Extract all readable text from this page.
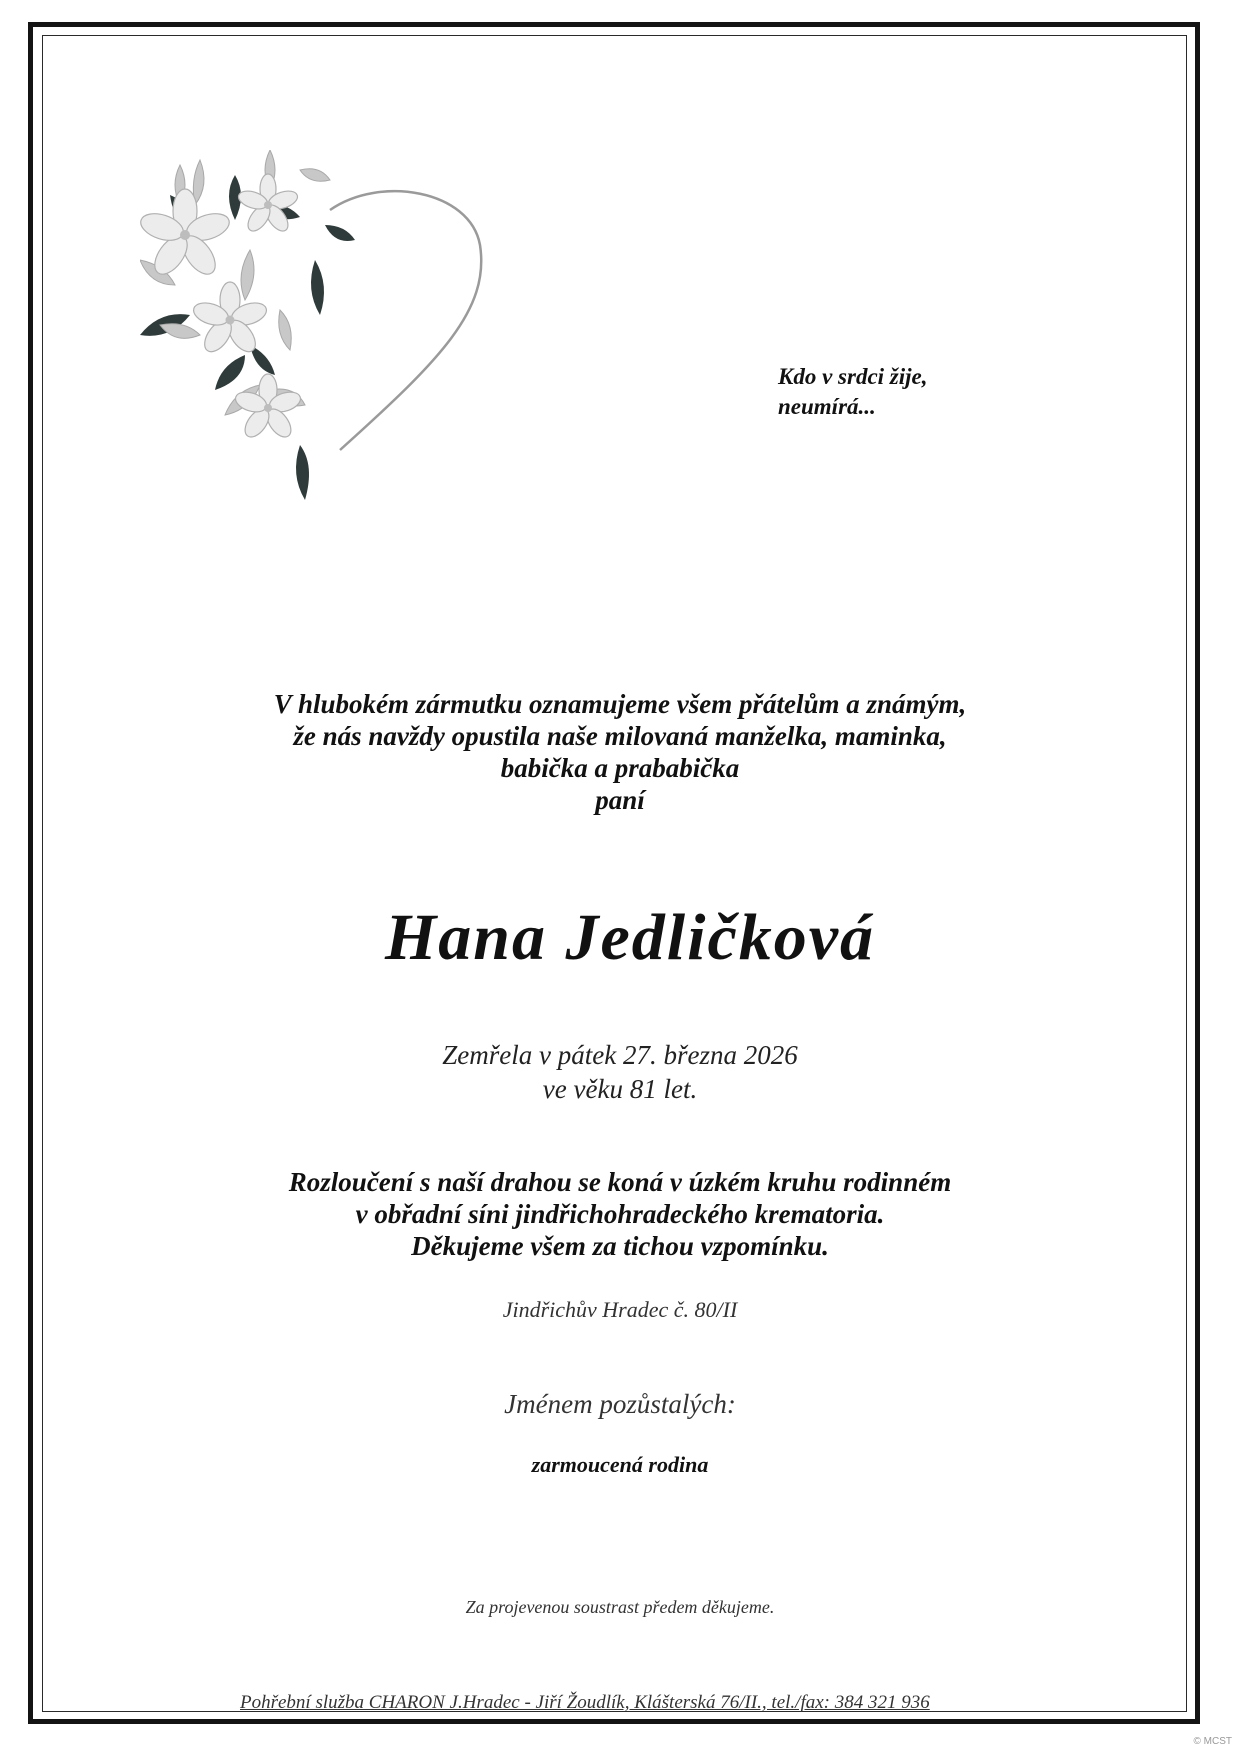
Kdo v srdci žije,
neumírá...
V hlubokém zármutku oznamujeme všem přátelům a známým,
že nás navždy opustila naše milovaná manželka, maminka,
babička a prababička
paní
Hana Jedličková
Zemřela v pátek 27. března 2026
ve věku 81 let.
Rozloučení s naší drahou se koná v úzkém kruhu rodinném
v obřadní síni jindřichohradeckého krematoria.
Děkujeme všem za tichou vzpomínku.
Jindřichův Hradec č. 80/II
Jménem pozůstalých:
zarmoucená rodina
Za projevenou soustrast předem děkujeme.
Pohřební služba CHARON J.Hradec - Jiří Žoudlík, Klášterská 76/II., tel./fax: 384 321 936
© MCST
